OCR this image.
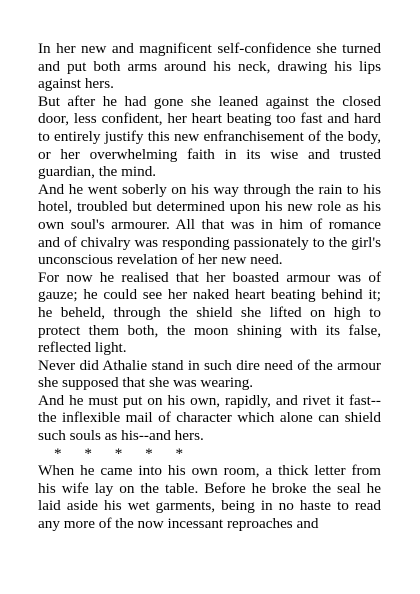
In her new and magnificent self-confidence she turned and put both arms around his neck, drawing his lips against hers.

But after he had gone she leaned against the closed door, less confident, her heart beating too fast and hard to entirely justify this new enfranchisement of the body, or her overwhelming faith in its wise and trusted guardian, the mind.

And he went soberly on his way through the rain to his hotel, troubled but determined upon his new role as his own soul's armourer. All that was in him of romance and of chivalry was responding passionately to the girl's unconscious revelation of her new need.

For now he realised that her boasted armour was of gauze; he could see her naked heart beating behind it; he beheld, through the shield she lifted on high to protect them both, the moon shining with its false, reflected light.

Never did Athalie stand in such dire need of the armour she supposed that she was wearing.

And he must put on his own, rapidly, and rivet it fast--the inflexible mail of character which alone can shield such souls as his--and hers.

*      *      *      *      *

When he came into his own room, a thick letter from his wife lay on the table. Before he broke the seal he laid aside his wet garments, being in no haste to read any more of the now incessant reproaches and
